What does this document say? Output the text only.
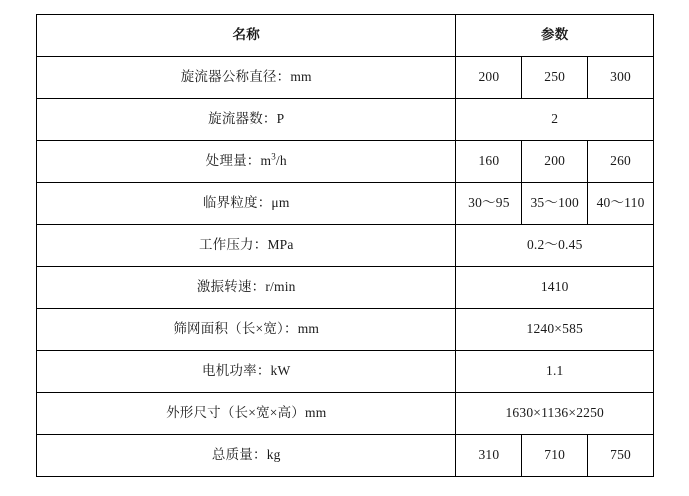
名称	参数		
旋流器公称直径：mm	200	250	300
旋流器数：P	2		
处理量：$m^3/h$	160	200	260
临界粒度：μm	30～95	35～100	40～110
工作压力：MPa	0.2～0.45		
激振转速：r/min	1410		
筛网面积（长×宽）：mm	1240×585		
电机功率：kW	1.1		
外形尺寸（长×宽×高）mm	1630×1136×2250		
总质量：kg	310	710	750
